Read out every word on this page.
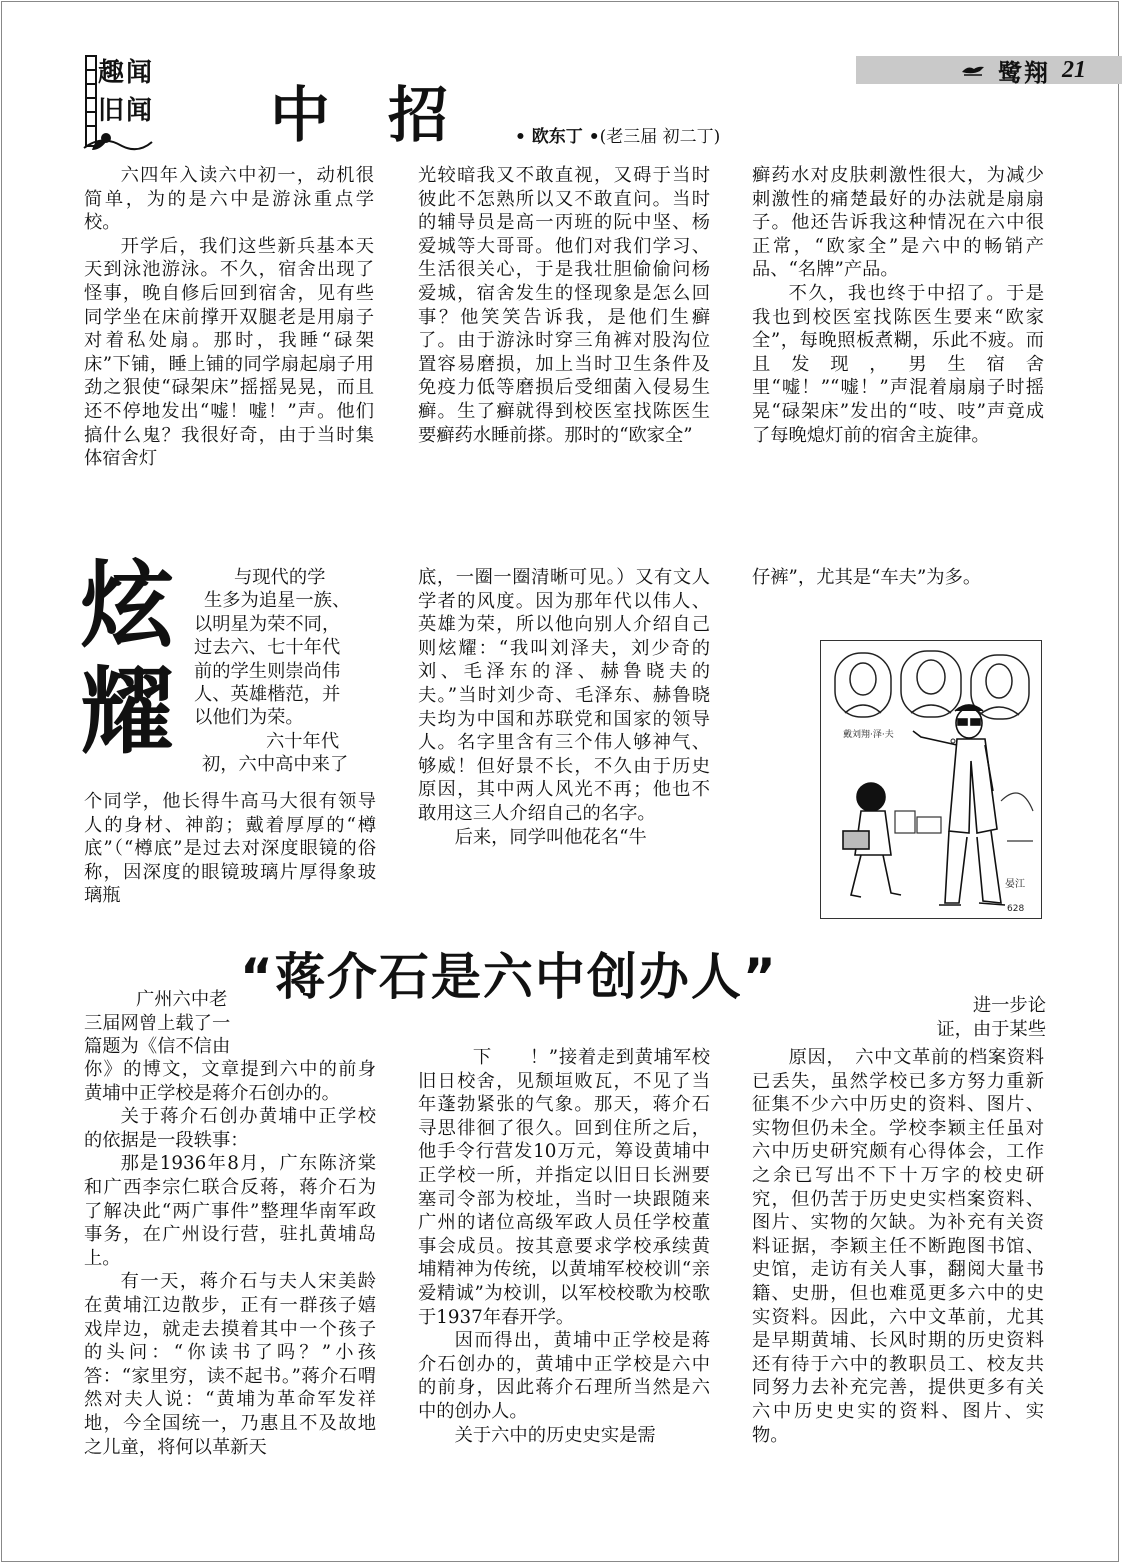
鹭翔 21
趣闻
旧闻 中招 • 欧东丁 •(老三届 初二丁)

六四年入读六中初一，动机很简单，为的是六中是游泳重点学校。

开学后，我们这些新兵基本天天到泳池游泳。不久，宿舍出现了怪事，晚自修后回到宿舍，见有些同学坐在床前撑开双腿老是用扇子对着私处扇。那时，我睡“碌架床”下铺，睡上铺的同学扇起扇子用劲之狠使“碌架床”摇摇晃晃，而且还不停地发出“嘘！嘘！”声。他们搞什么鬼？我很好奇，由于当时集体宿舍灯

光较暗我又不敢直视，又碍于当时彼此不怎熟所以又不敢直问。当时的辅导员是高一丙班的阮中坚、杨爱城等大哥哥。他们对我们学习、生活很关心，于是我壮胆偷偷问杨爱城，宿舍发生的怪现象是怎么回事？他笑笑告诉我，是他们生癣了。由于游泳时穿三角裤对股沟位置容易磨损，加上当时卫生条件及免疫力低等磨损后受细菌入侵易生癣。生了癣就得到校医室找陈医生要癣药水睡前搽。那时的“欧家全”

癣药水对皮肤刺激性很大，为减少刺激性的痛楚最好的办法就是扇扇子。他还告诉我这种情况在六中很正常，“欧家全”是六中的畅销产品、“名牌”产品。

不久，我也终于中招了。于是我也到校医室找陈医生要来“欧家全”，每晚照板煮糊，乐此不疲。而且发现，男生宿舍里“嘘！”“嘘！”声混着扇扇子时摇晃“碌架床”发出的“吱、吱”声竟成了每晚熄灯前的宿舍主旋律。

炫
耀
与现代的学
生多为追星一族、
以明星为荣不同，
过去六、七十年代
前的学生则崇尚伟
人、英雄楷范，并
以他们为荣。
六十年代
初，六中高中来了

个同学，他长得牛高马大很有领导人的身材、神韵；戴着厚厚的“樽底”（“樽底”是过去对深度眼镜的俗称，因深度的眼镜玻璃片厚得象玻璃瓶

底，一圈一圈清晰可见。）又有文人学者的风度。因为那年代以伟人、英雄为荣，所以他向别人介绍自己则炫耀：“我叫刘泽夫，刘少奇的刘、毛泽东的泽、赫鲁晓夫的夫。”当时刘少奇、毛泽东、赫鲁晓夫均为中国和苏联党和国家的领导人。名字里含有三个伟人够神气、够威！但好景不长，不久由于历史原因，其中两人风光不再；他也不敢用这三人介绍自己的名字。

后来，同学叫他花名“牛

仔裤”，尤其是“车夫”为多。

戴刘翔·泽·夫
晏江
628
“蒋介石是六中创办人”
广州六中老
三届网曾上载了一
篇题为《信不信由

你》的博文，文章提到六中的前身黄埔中正学校是蒋介石创办的。

关于蒋介石创办黄埔中正学校的依据是一段轶事：

那是1936年8月，广东陈济棠和广西李宗仁联合反蒋，蒋介石为了解决此“两广事件”整理华南军政事务，在广州设行营，驻扎黄埔岛上。

有一天，蒋介石与夫人宋美龄在黄埔江边散步，正有一群孩子嬉戏岸边，就走去摸着其中一个孩子的头问：“你读书了吗？”小孩答：“家里穷，读不起书。”蒋介石喟然对夫人说：“黄埔为革命军发祥地，今全国统一，乃惠且不及故地之儿童，将何以革新天

下　　！”接着走到黄埔军校旧日校舍，见颓垣败瓦，不见了当年蓬勃紧张的气象。那天，蒋介石寻思徘徊了很久。回到住所之后，他手令行营发10万元，筹设黄埔中正学校一所，并指定以旧日长洲要塞司令部为校址，当时一块跟随来广州的诸位高级军政人员任学校董事会成员。按其意要求学校承续黄埔精神为传统，以黄埔军校校训“亲爱精诚”为校训，以军校校歌为校歌于1937年春开学。

因而得出，黄埔中正学校是蒋介石创办的，黄埔中正学校是六中的前身，因此蒋介石理所当然是六中的创办人。

关于六中的历史史实是需

进一步论
证，由于某些

原因，　六中文革前的档案资料已丢失，虽然学校已多方努力重新征集不少六中历史的资料、图片、实物但仍未全。学校李颖主任虽对六中历史研究颇有心得体会，工作之余已写出不下十万字的校史研究，但仍苦于历史史实档案资料、图片、实物的欠缺。为补充有关资料证据，李颖主任不断跑图书馆、史馆，走访有关人事，翻阅大量书籍、史册，但也难觅更多六中的史实资料。因此，六中文革前，尤其是早期黄埔、长风时期的历史资料还有待于六中的教职员工、校友共同努力去补充完善，提供更多有关六中历史史实的资料、图片、实物。
